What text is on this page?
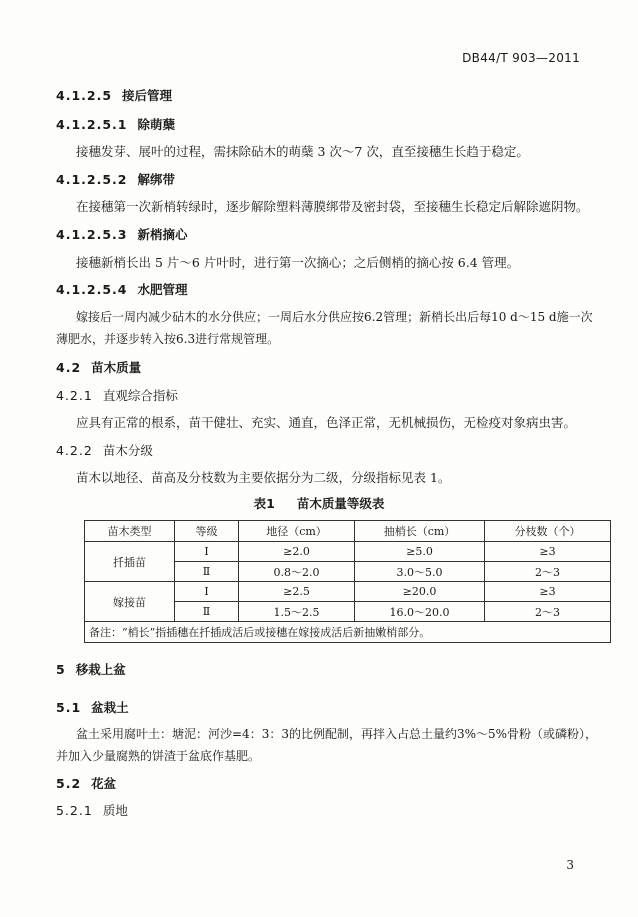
DB44/T 903—2011
4.1.2.5 接后管理
4.1.2.5.1 除萌蘖
接穗发芽、展叶的过程，需抹除砧木的萌蘖 3 次～7 次，直至接穗生长趋于稳定。
4.1.2.5.2 解绑带
在接穗第一次新梢转绿时，逐步解除塑料薄膜绑带及密封袋，至接穗生长稳定后解除遮阴物。
4.1.2.5.3 新梢摘心
接穗新梢长出 5 片～6 片叶时，进行第一次摘心；之后侧梢的摘心按 6.4 管理。
4.1.2.5.4 水肥管理
嫁接后一周内减少砧木的水分供应；一周后水分供应按6.2管理；新梢长出后每10 d～15 d施一次
薄肥水，并逐步转入按6.3进行常规管理。
4.2 苗木质量
4.2.1 直观综合指标
应具有正常的根系，苗干健壮、充实、通直，色泽正常，无机械损伤，无检疫对象病虫害。
4.2.2 苗木分级
苗木以地径、苗高及分枝数为主要依据分为二级，分级指标见表 1。
表1 苗木质量等级表
苗木类型	等级	地径（cm）	抽梢长（cm）	分枝数（个）
扦插苗	Ⅰ	≥2.0	≥5.0	≥3
	Ⅱ	0.8～2.0	3.0～5.0	2～3
嫁接苗	Ⅰ	≥2.5	≥20.0	≥3
	Ⅱ	1.5～2.5	16.0～20.0	2～3
备注：“梢长”指插穗在扦插成活后或接穗在嫁接成活后新抽嫩梢部分。				
5 移栽上盆
5.1 盆栽土
盆土采用腐叶土：塘泥：河沙=4：3：3的比例配制，再拌入占总土量约3%～5%骨粉（或磷粉），
并加入少量腐熟的饼渣于盆底作基肥。
5.2 花盆
5.2.1 质地
3
